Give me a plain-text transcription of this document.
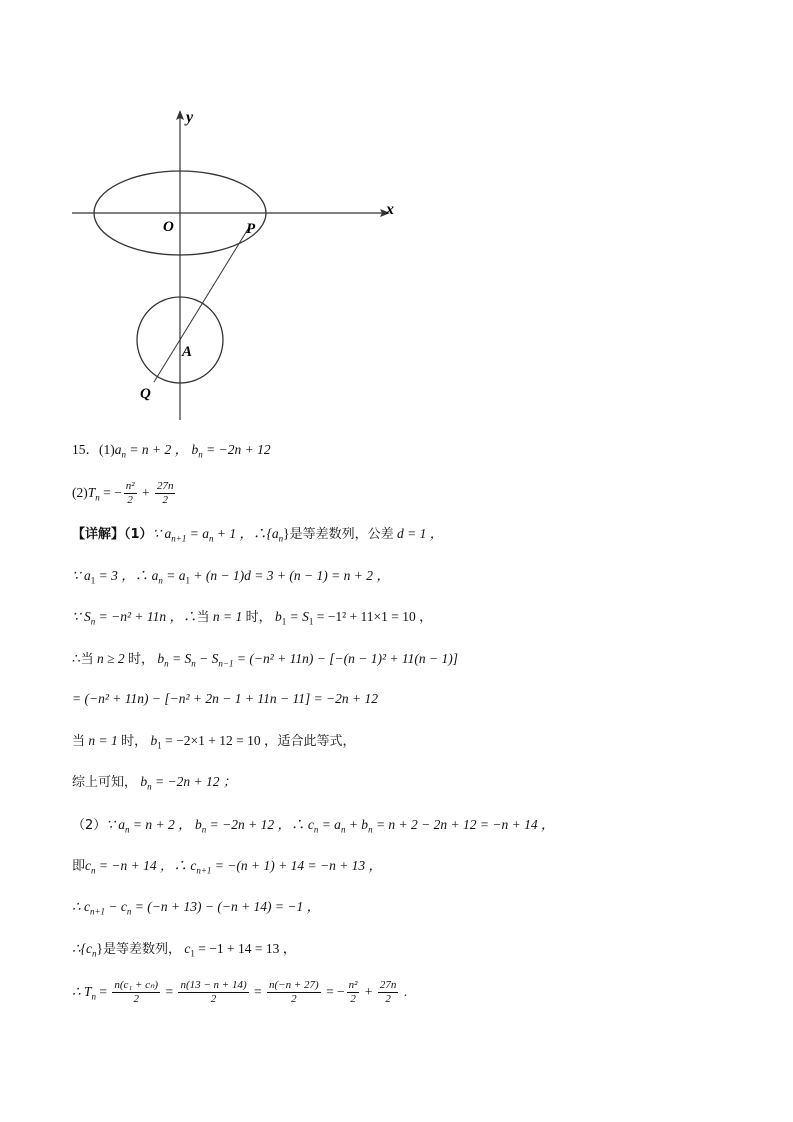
y
x
O	P
A
Q
15．$(1)a_n = n + 2$ ， $b_n = -2n + 12$
$(2)T_n$ = − $\frac{\text{n²}}{2} + \frac{27n}{2}$
【详解】（1）∵ $a_{n+1} = a_n + 1$ ，$\therefore\{a_n\}$是等差数列，公差 d = 1 ，
∵ $a_1 = 3$ ，∴ $a_n = a_1 + (n - 1)d = 3 + (n - 1) = n + 2$ ，
∵ $S_n = -n^2 + 11n$ ，∴当 n = 1 时， $b_1 = S_1 = -1^2 + 11\times 1 = 10$ ，
∴当 n ≥ 2 时， $b_n = S_n - S_{n-1} = (-n^2 + 11n) - [-(n - 1)^2 + 11(n - 1)]$
= (−n² + 11n) − [−n² + 2n − 1 + 11n − 11] = −2n + 12
当 n = 1 时， $b_1 = -2\times 1 + 12 = 10$ ，适合此等式，
综上可知， $b_n = -2n + 12$ ；
（2）∵ $a_n = n + 2$ ， $b_n = -2n + 12$ ，∴ $c_n = a_n + b_n = n + 2 - 2n + 12 = -n + 14$ ，
即$c_n = -n + 14$ ，∴ $c_{n+1} = -(n + 1) + 14 = -n + 13$ ，
∴ $c_{n+1} - c_n = (-n + 13) - (-n + 14) = -1$ ，
$\therefore\{c_n\}$是等差数列， $c_1 = -1 + 14 = 13$ ，
∴ $T_n = \frac{\text{n(c₁ + cₙ)}}{2} = \frac{n(13 - n + 14)}{2} = \frac{n(-n + 27)}{2}$ = − $\frac{\text{n²}}{2} + \frac{27n}{2}$ .
